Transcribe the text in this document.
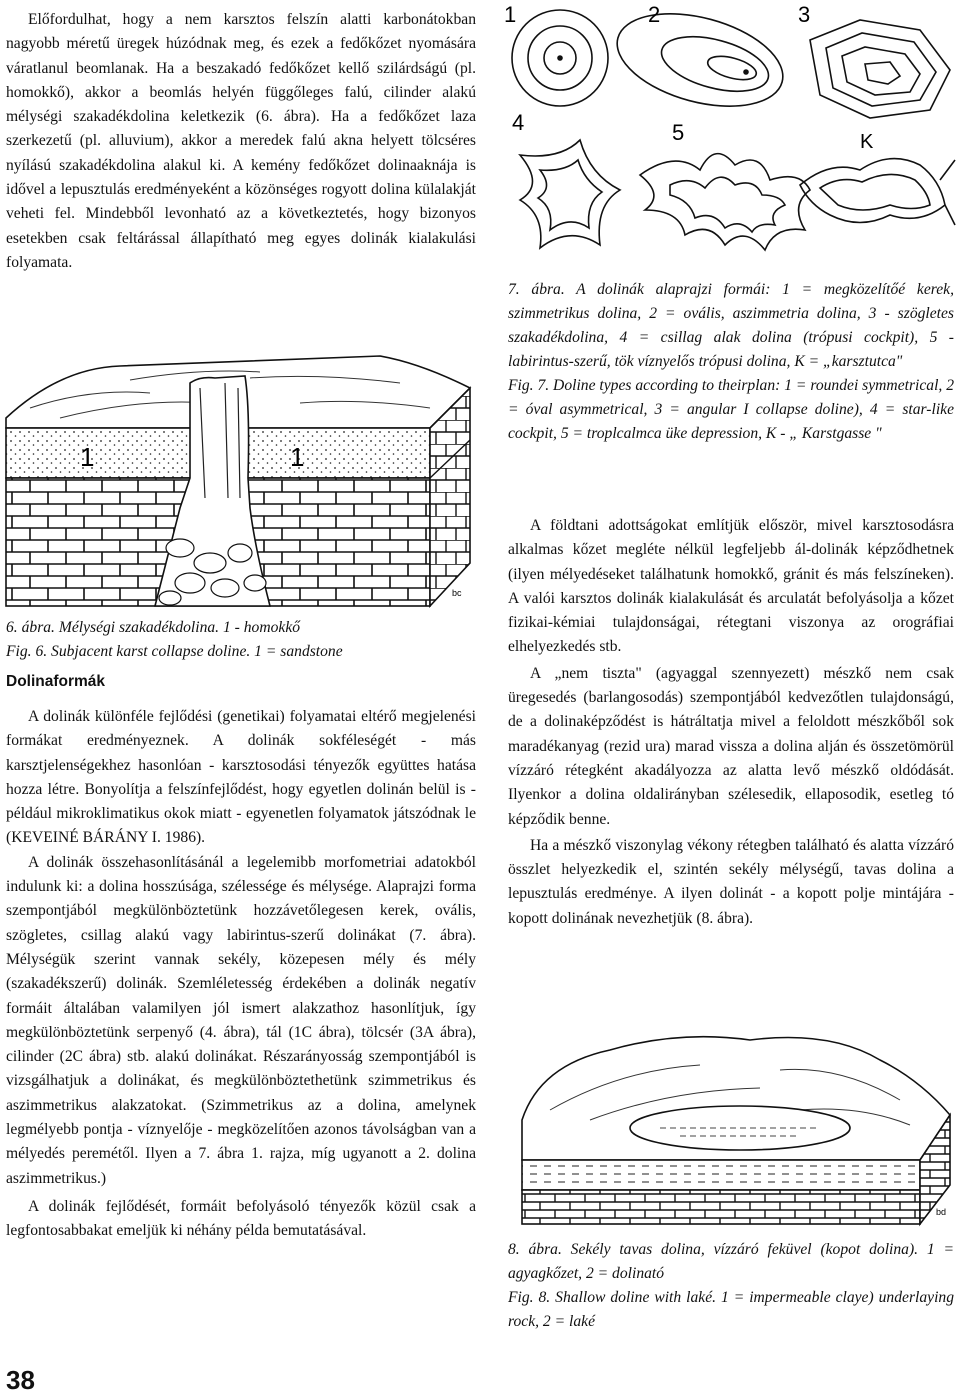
Előfordulhat, hogy a nem karsztos felszín alatti karbonátokban nagyobb méretű üregek húzódnak meg, és ezek a fedőkőzet nyomására váratlanul beomlanak. Ha a beszakadó fedőkőzet kellő szilárdságú (pl. homokkő), akkor a beomlás helyén függőleges falú, cilinder alakú mélységi szakadékdolina keletkezik (6. ábra). Ha a fedőkőzet laza szerkezetű (pl. alluvium), akkor a meredek falú akna helyett tölcséres nyílású szakadékdolina alakul ki. A kemény fedőkőzet dolinaaknája is idővel a lepusztulás eredményeként a közönséges rogyott dolina külalakját veheti fel. Mindebből levonható az a következtetés, hogy bizonyos esetekben csak feltárással állapítható meg egyes dolinák kialakulási folyamata.

1	1
bc

6. ábra. Mélységi szakadékdolina. 1 - homokkő

Fig. 6. Subjacent karst collapse doline. 1 = sandstone

Dolinaformák

A dolinák különféle fejlődési (genetikai) folyamatai eltérő megjelenési formákat eredményeznek. A dolinák sokféleségét - más karsztjelenségekhez hasonlóan - karsztosodási tényezők együttes hatása hozza létre. Bonyolítja a felszínfejlődést, hogy egyetlen dolinán belül is - például mikroklimatikus okok miatt - egyenetlen folyamatok játszódnak le (KEVEINÉ BÁRÁNY I. 1986).

A dolinák összehasonlításánál a legelemibb morfometriai adatokból indulunk ki: a dolina hosszúsága, szélessége és mélysége. Alaprajzi forma szempontjából megkülönböztetünk hozzávetőlegesen kerek, ovális, szögletes, csillag alakú vagy labirintus-szerű dolinákat (7. ábra). Mélységük szerint vannak sekély, közepesen mély és mély (szakadékszerű) dolinák. Szemléletesség érdekében a dolinák negatív formáit általában valamilyen jól ismert alakzathoz hasonlítjuk, így megkülönböztetünk serpenyő (4. ábra), tál (1C ábra), tölcsér (3A ábra), cilinder (2C ábra) stb. alakú dolinákat. Részarányosság szempontjából is vizsgálhatjuk a dolinákat, és megkülönböztethetünk szimmetrikus és aszimmetrikus alakzatokat. (Szimmetrikus az a dolina, amelynek legmélyebb pontja - víznyelője - megközelítően azonos távolságban van a mélyedés peremétől. Ilyen a 7. ábra 1. rajza, míg ugyanott a 2. dolina aszimmetrikus.)

A dolinák fejlődését, formáit befolyásoló tényezők közül csak a legfontosabbakat emeljük ki néhány példa bemutatásával.

1	2	3
4	5	K

7. ábra. A dolinák alaprajzi formái: 1 = megközelítőé kerek, szimmetrikus dolina, 2 = ovális, aszimmetria dolina, 3 - szögletes szakadékdolina, 4 = csillag alak dolina (trópusi cockpit), 5 - labirintus-szerű, tök víznyelős trópusi dolina, K = „karsztutca"

Fig. 7. Doline types according to theirplan: 1 = roundei symmetrical, 2 = óval asymmetrical, 3 = angular I collapse doline), 4 = star-like cockpit, 5 = troplcalmca üke depression, K - „ Karstgasse "

A földtani adottságokat említjük először, mivel karsztosodásra alkalmas kőzet megléte nélkül legfeljebb ál-dolinák képződhetnek (ilyen mélyedéseket találhatunk homokkő, gránit és más felszíneken). A valói karsztos dolinák kialakulását és arculatát befolyásolja a kőzet fizikai-kémiai tulajdonságai, rétegtani viszonya az orográfiai elhelyezkedés stb.

A „nem tiszta" (agyaggal szennyezett) mészkő nem csak üregesedés (barlangosodás) szempontjából kedvezőtlen tulajdonságú, de a dolinaképződést is hátráltatja mivel a feloldott mészkőből sok maradékanyag (rezid ura) marad vissza a dolina alján és összetömörül vízzáró rétegként akadályozza az alatta levő mészkő oldódását. Ilyenkor a dolina oldalirányban szélesedik, ellaposodik, esetleg tó képződik benne.

Ha a mészkő viszonylag vékony rétegben található és alatta vízzáró összlet helyezkedik el, szintén sekély mélységű, tavas dolina a lepusztulás eredménye. A ilyen dolinát - a kopott polje mintájára - kopott dolinának nevezhetjük (8. ábra).

bd

8. ábra. Sekély tavas dolina, vízzáró feküvel (kopot dolina). 1 = agyagkőzet, 2 = dolinató

Fig. 8. Shallow doline with laké. 1 = impermeable claye) underlaying rock, 2 = laké

38
